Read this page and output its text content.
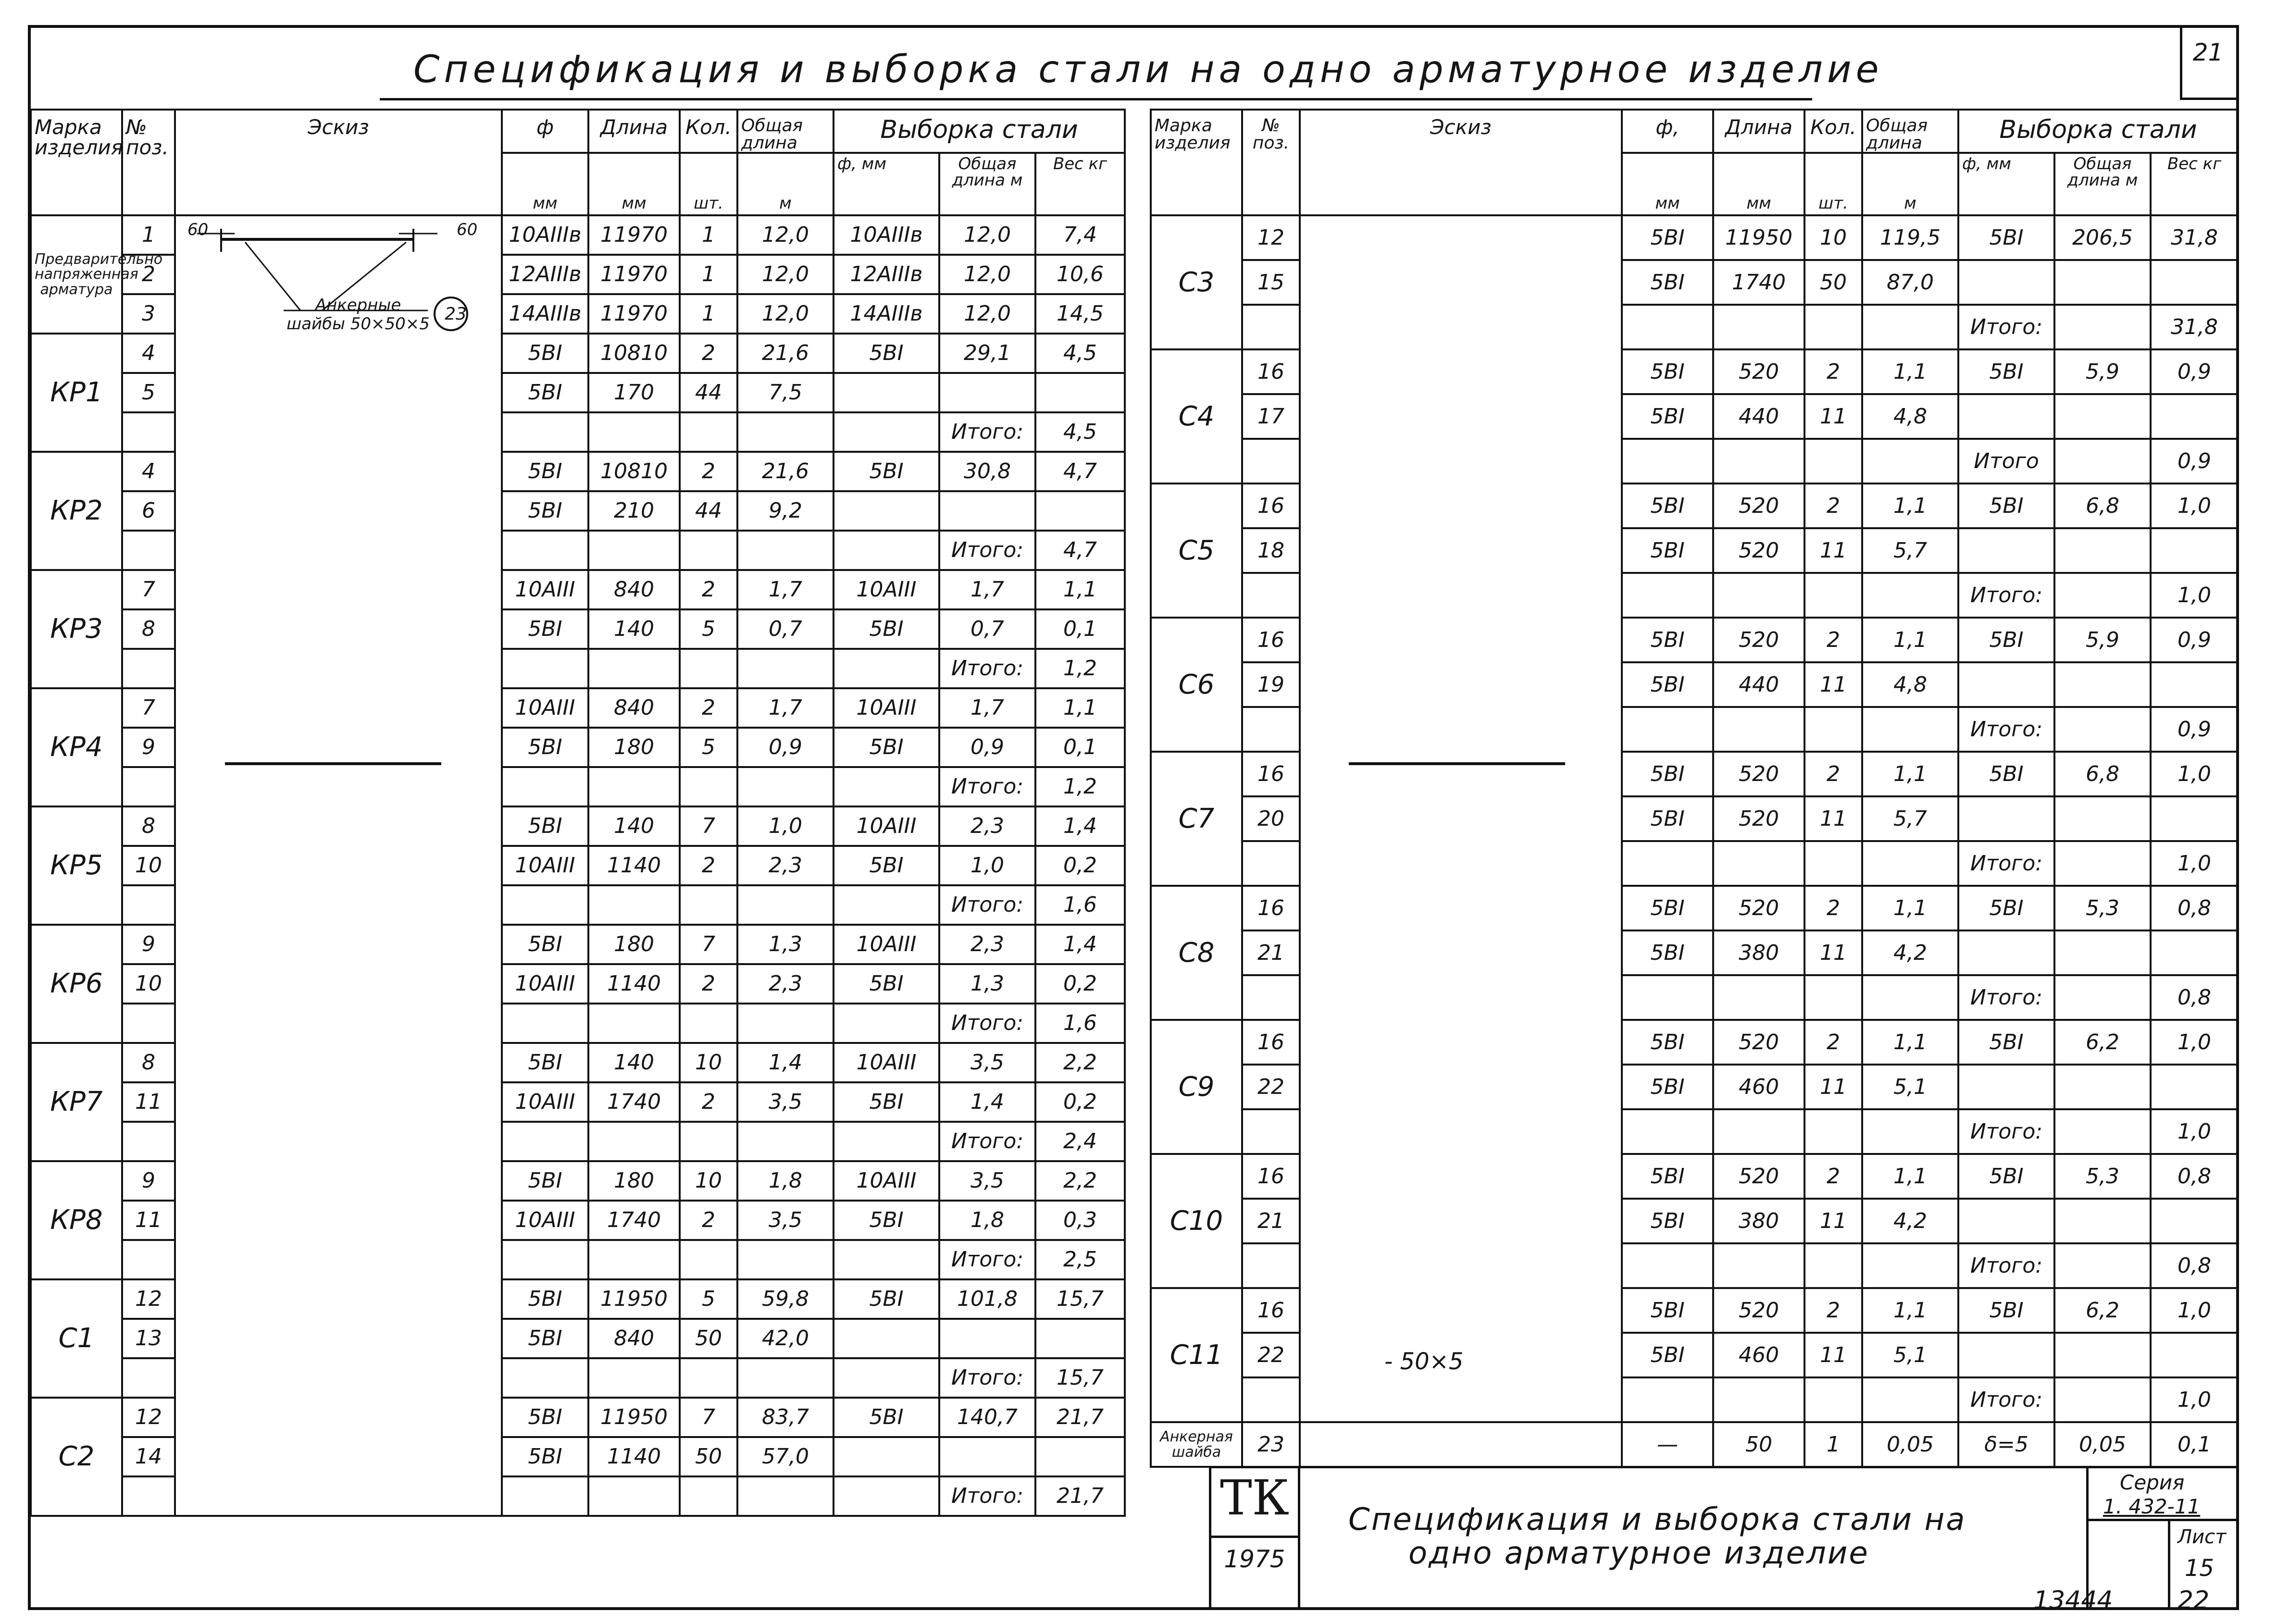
21
Спецификация и выборка стали на одно арматурное изделие
Марка изделия	№ поз.	Эскиз	ф	Длина	Кол.	Общая длина	Выборка стали		
			мм	мм	шт.	м	ф, мм	Общая длина м	Вес кг
Предварительно напряженная арматура	1		10AIIIв	11970	1	12,0	10AIIIв	12,0	7,4
	2		12AIIIв	11970	1	12,0	12AIIIв	12,0	10,6
	3		14AIIIв	11970	1	12,0	14AIIIв	12,0	14,5
КР1	4		5ВI	10810	2	21,6	5ВI	29,1	4,5
	5		5ВI	170	44	7,5			
								Итого:	4,5
КР2	4		5ВI	10810	2	21,6	5ВI	30,8	4,7
	6		5ВI	210	44	9,2			
								Итого:	4,7
КР3	7		10AIII	840	2	1,7	10AIII	1,7	1,1
	8		5ВI	140	5	0,7	5ВI	0,7	0,1
								Итого:	1,2
КР4	7		10AIII	840	2	1,7	10AIII	1,7	1,1
	9		5ВI	180	5	0,9	5ВI	0,9	0,1
								Итого:	1,2
КР5	8		5ВI	140	7	1,0	10AIII	2,3	1,4
	10		10AIII	1140	2	2,3	5ВI	1,0	0,2
								Итого:	1,6
КР6	9		5ВI	180	7	1,3	10AIII	2,3	1,4
	10		10AIII	1140	2	2,3	5ВI	1,3	0,2
								Итого:	1,6
КР7	8		5ВI	140	10	1,4	10AIII	3,5	2,2
	11		10AIII	1740	2	3,5	5ВI	1,4	0,2
								Итого:	2,4
КР8	9		5ВI	180	10	1,8	10AIII	3,5	2,2
	11		10AIII	1740	2	3,5	5ВI	1,8	0,3
								Итого:	2,5
С1	12		5ВI	11950	5	59,8	5ВI	101,8	15,7
	13		5ВI	840	50	42,0			
								Итого:	15,7
С2	12		5ВI	11950	7	83,7	5ВI	140,7	21,7
	14		5ВI	1140	50	57,0			
								Итого:	21,7
Марка изделия	№ поз.	Эскиз	ф,	Длина	Кол.	Общая длина	Выборка стали		
			мм	мм	шт.	м	ф, мм	Общая длина м	Вес кг
С3	12		5ВI	11950	10	119,5	5ВI	206,5	31,8
	15		5ВI	1740	50	87,0			
							Итого:		31,8
С4	16		5ВI	520	2	1,1	5ВI	5,9	0,9
	17		5ВI	440	11	4,8			
							Итого		0,9
С5	16		5ВI	520	2	1,1	5ВI	6,8	1,0
	18		5ВI	520	11	5,7			
							Итого:		1,0
С6	16		5ВI	520	2	1,1	5ВI	5,9	0,9
	19		5ВI	440	11	4,8			
							Итого:		0,9
С7	16		5ВI	520	2	1,1	5ВI	6,8	1,0
	20		5ВI	520	11	5,7			
							Итого:		1,0
С8	16		5ВI	520	2	1,1	5ВI	5,3	0,8
	21		5ВI	380	11	4,2			
							Итого:		0,8
С9	16		5ВI	520	2	1,1	5ВI	6,2	1,0
	22		5ВI	460	11	5,1			
							Итого:		1,0
С10	16		5ВI	520	2	1,1	5ВI	5,3	0,8
	21		5ВI	380	11	4,2			
							Итого:		0,8
С11	16		5ВI	520	2	1,1	5ВI	6,2	1,0
	22		5ВI	460	11	5,1			
							Итого:		1,0
Анкерная шайба	23		—	50	1	0,05	δ=5	0,05	0,1
60	60
Анкерные шайбы 50×50×5
23
- 50×5
ТК
1975
Спецификация и выборка стали на
одно арматурное изделие
Серия
1. 432-11
Лист
15
13444	22
